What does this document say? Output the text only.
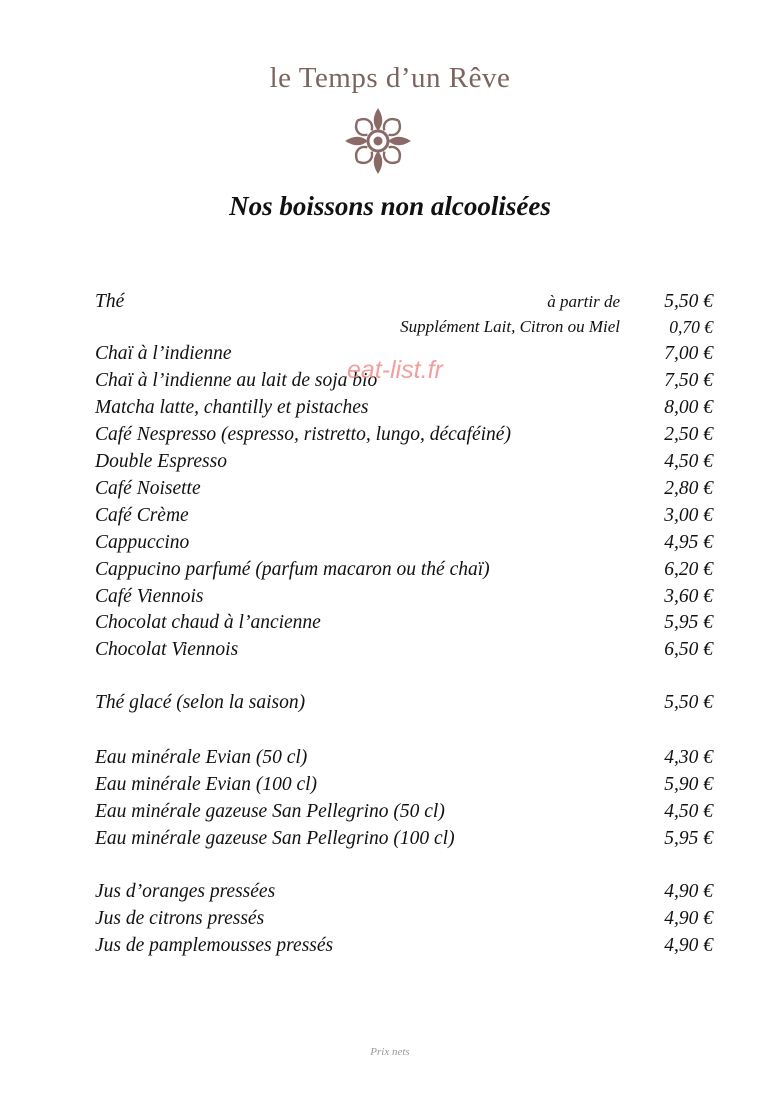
le Temps d’un Rêve
Nos boissons non alcoolisées
Thé	à partir de 5,50 €
Supplément Lait, Citron ou Miel	0,70 €
Chaï à l’indienne	7,00 €
Chaï à l’indienne au lait de soja bio	7,50 €
Matcha latte, chantilly et pistaches	8,00 €
Café Nespresso (espresso, ristretto, lungo, décaféiné)	2,50 €
Double Espresso	4,50 €
Café Noisette	2,80 €
Café Crème	3,00 €
Cappuccino	4,95 €
Cappucino parfumé (parfum macaron ou thé chaï)	6,20 €
Café Viennois	3,60 €
Chocolat chaud à l’ancienne	5,95 €
Chocolat Viennois	6,50 €
Thé glacé (selon la saison)	5,50 €
Eau minérale Evian (50 cl)	4,30 €
Eau minérale Evian (100 cl)	5,90 €
Eau minérale gazeuse San Pellegrino (50 cl)	4,50 €
Eau minérale gazeuse San Pellegrino (100 cl)	5,95 €
Jus d’oranges pressées	4,90 €
Jus de citrons pressés	4,90 €
Jus de pamplemousses pressés	4,90 €
eat-list.fr
Prix nets
